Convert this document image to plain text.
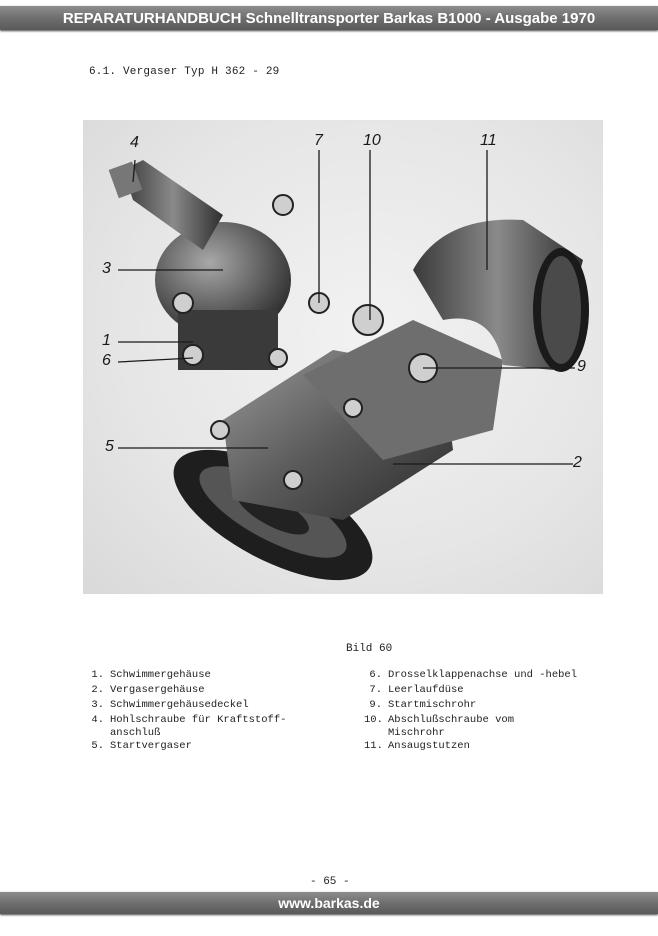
REPARATURHANDBUCH Schnelltransporter Barkas B1000 - Ausgabe 1970
6.1. Vergaser Typ H 362 - 29
4	7	10	11
3
1
6	9
5
2
Bild 60
1. Schwimmergehäuse
2. Vergasergehäuse
3. Schwimmergehäusedeckel
4. Hohlschraube für Kraftstoff-
anschluß
5. Startvergaser
6. Drosselklappenachse und -hebel
7. Leerlaufdüse
9. Startmischrohr
10. Abschlußschraube vom
Mischrohr
11. Ansaugstutzen
- 65 -
www.barkas.de
